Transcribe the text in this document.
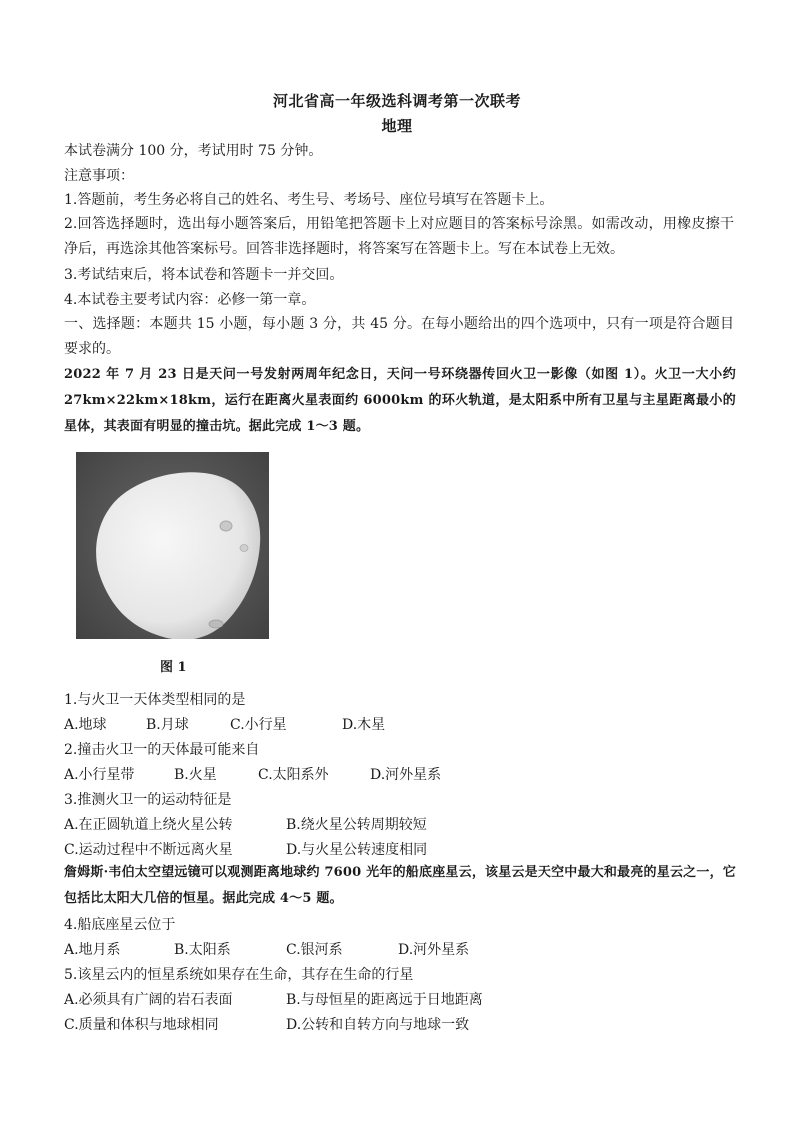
河北省高一年级选科调考第一次联考
地理
本试卷满分 100 分，考试用时 75 分钟。
注意事项：
1.答题前，考生务必将自己的姓名、考生号、考场号、座位号填写在答题卡上。
2.回答选择题时，选出每小题答案后，用铅笔把答题卡上对应题目的答案标号涂黑。如需改动，用橡皮擦干净后，再选涂其他答案标号。回答非选择题时，将答案写在答题卡上。写在本试卷上无效。
3.考试结束后，将本试卷和答题卡一并交回。
4.本试卷主要考试内容：必修一第一章。
一、选择题：本题共 15 小题，每小题 3 分，共 45 分。在每小题给出的四个选项中，只有一项是符合题目要求的。
2022 年 7 月 23 日是天问一号发射两周年纪念日，天问一号环绕器传回火卫一影像（如图 1）。火卫一大小约 27km×22km×18km，运行在距离火星表面约 6000km 的环火轨道，是太阳系中所有卫星与主星距离最小的星体，其表面有明显的撞击坑。据此完成 1～3 题。
图 1
1.与火卫一天体类型相同的是
A.地球	B.月球	C.小行星	D.木星
2.撞击火卫一的天体最可能来自
A.小行星带	B.火星	C.太阳系外	D.河外星系
3.推测火卫一的运动特征是
A.在正圆轨道上绕火星公转	B.绕火星公转周期较短
C.运动过程中不断远离火星	D.与火星公转速度相同
詹姆斯·韦伯太空望远镜可以观测距离地球约 7600 光年的船底座星云，该星云是天空中最大和最亮的星云之一，它包括比太阳大几倍的恒星。据此完成 4～5 题。
4.船底座星云位于
A.地月系	B.太阳系	C.银河系	D.河外星系
5.该星云内的恒星系统如果存在生命，其存在生命的行星
A.必须具有广阔的岩石表面	B.与母恒星的距离远于日地距离
C.质量和体积与地球相同	D.公转和自转方向与地球一致
